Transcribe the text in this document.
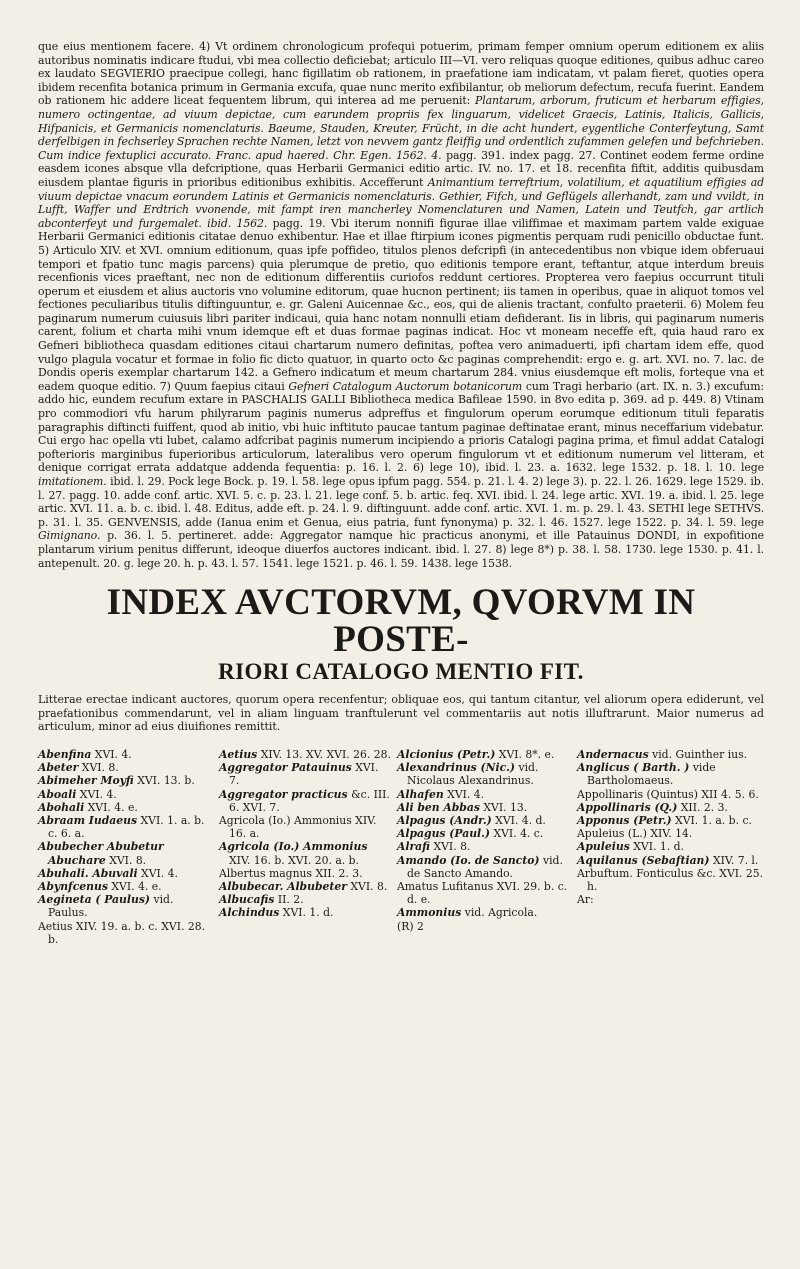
que eius mentionem facere. 4) Vt ordinem chronologicum profequi potuerim, primam femper omnium operum editionem ex aliis autoribus nominatis indicare ftudui, vbi mea collectio deficiebat; articulo III—VI. vero reliquas quoque editiones, quibus adhuc careo ex laudato SEGVIERIO praecipue collegi, hanc figillatim ob rationem, in praefatione iam indicatam, vt palam fieret, quoties opera ibidem recenfita botanica primum in Germania excufa, quae nunc merito exfibilantur, ob meliorum defectum, recufa fuerint. Eandem ob rationem hic addere liceat fequentem librum, qui interea ad me peruenit: Plantarum, arborum, fruticum et herbarum effigies, numero octingentae, ad viuum depictae, cum earundem propriis fex linguarum, videlicet Graecis, Latinis, Italicis, Gallicis, Hifpanicis, et Germanicis nomenclaturis. Baeume, Stauden, Kreuter, Frücht, in die acht hundert, eygentliche Conterfeytung, Samt derfelbigen in fechserley Sprachen rechte Namen, letzt von nevvem gantz fleiffig und ordentlich zufammen gelefen und befchrieben. Cum indice fextuplici accurato. Franc. apud haered. Chr. Egen. 1562. 4. pagg. 391. index pagg. 27. Continet eodem ferme ordine easdem icones absque vlla defcriptione, quas Herbarii Germanici editio artic. IV. no. 17. et 18. recenfita fiftit, additis quibusdam eiusdem plantae figuris in prioribus editionibus exhibitis. Accefferunt Animantium terreftrium, volatilium, et aquatilium effigies ad viuum depictae vnacum eorundem Latinis et Germanicis nomenclaturis. Gethier, Fifch, und Geflügels allerhandt, zam und vvildt, in Lufft, Waffer und Erdtrich vvonende, mit fampt iren mancherley Nomenclaturen und Namen, Latein und Teutfch, gar artlich abconterfeyt und furgemalet. ibid. 1562. pagg. 19. Vbi iterum nonnifi figurae illae viliffimae et maximam partem valde exiguae Herbarii Germanici editionis citatae denuo exhibentur. Hae et illae ftirpium icones pigmentis perquam rudi penicillo obductae funt. 5) Articulo XIV. et XVI. omnium editionum, quas ipfe poffideo, titulos plenos defcripfi (in antecedentibus non vbique idem obferuaui tempori et fpatio tunc magis parcens) quia plerumque de pretio, quo editionis tempore erant, teftantur, atque interdum breuis recenfionis vices praeftant, nec non de editionum differentiis curiofos reddunt certiores. Propterea vero faepius occurrunt tituli operum et eiusdem et alius auctoris vno volumine editorum, quae hucnon pertinent; iis tamen in operibus, quae in aliquot tomos vel fectiones peculiaribus titulis diftinguuntur, e. gr. Galeni Auicennae &c., eos, qui de alienis tractant, confulto praeterii. 6) Molem feu paginarum numerum cuiusuis libri pariter indicaui, quia hanc notam nonnulli etiam defiderant. Iis in libris, qui paginarum numeris carent, folium et charta mihi vnum idemque eft et duas formae paginas indicat. Hoc vt moneam neceffe eft, quia haud raro ex Gefneri bibliotheca quasdam editiones citaui chartarum numero definitas, poftea vero animaduerti, ipfi chartam idem effe, quod vulgo plagula vocatur et formae in folio fic dicto quatuor, in quarto octo &c paginas comprehendit: ergo e. g. art. XVI. no. 7. lac. de Dondis operis exemplar chartarum 142. a Gefnero indicatum et meum chartarum 284. vnius eiusdemque eft molis, forteque vna et eadem quoque editio. 7) Quum faepius citaui Gefneri Catalogum Auctorum botanicorum cum Tragi herbario (art. IX. n. 3.) excufum: addo hic, eundem recufum extare in PASCHALIS GALLI Bibliotheca medica Bafileae 1590. in 8vo edita p. 369. ad p. 449. 8) Vtinam pro commodiori vfu harum philyrarum paginis numerus adpreffus et fingulorum operum eorumque editionum tituli feparatis paragraphis diftincti fuiffent, quod ab initio, vbi huic inftituto paucae tantum paginae deftinatae erant, minus neceffarium videbatur. Cui ergo hac opella vti lubet, calamo adfcribat paginis numerum incipiendo a prioris Catalogi pagina prima, et fimul addat Catalogi pofterioris marginibus fuperioribus articulorum, lateralibus vero operum fingulorum vt et editionum numerum vel litteram, et denique corrigat errata addatque addenda fequentia: p. 16. l. 2. 6) lege 10), ibid. l. 23. a. 1632. lege 1532. p. 18. l. 10. lege imitationem. ibid. l. 29. Pock lege Bock. p. 19. l. 58. lege opus ipfum pagg. 554. p. 21. l. 4. 2) lege 3). p. 22. l. 26. 1629. lege 1529. ib. l. 27. pagg. 10. adde conf. artic. XVI. 5. c. p. 23. l. 21. lege conf. 5. b. artic. feq. XVI. ibid. l. 24. lege artic. XVI. 19. a. ibid. l. 25. lege artic. XVI. 11. a. b. c. ibid. l. 48. Editus, adde eft. p. 24. l. 9. diftinguunt. adde conf. artic. XVI. 1. m. p. 29. l. 43. SETHI lege SETHVS. p. 31. l. 35. GENVENSIS, adde (Ianua enim et Genua, eius patria, funt fynonyma) p. 32. l. 46. 1527. lege 1522. p. 34. l. 59. lege Gimignano. p. 36. l. 5. pertineret. adde: Aggregator namque hic practicus anonymi, et ille Patauinus DONDI, in expofitione plantarum virium penitus differunt, ideoque diuerfos auctores indicant. ibid. l. 27. 8) lege 8*) p. 38. l. 58. 1730. lege 1530. p. 41. l. antepenult. 20. g. lege 20. h. p. 43. l. 57. 1541. lege 1521. p. 46. l. 59. 1438. lege 1538.

INDEX AVCTORVM, QVORVM IN POSTE-
RIORI CATALOGO MENTIO FIT.
Litterae erectae indicant auctores, quorum opera recenfentur; obliquae eos, qui tantum citantur, vel aliorum opera ediderunt, vel praefationibus commendarunt, vel in aliam linguam tranftulerunt vel commentariis aut notis illuftrarunt. Maior numerus ad articulum, minor ad eius diuifiones remittit.

Abenfina XVI. 4.

Abeter XVI. 8.

Abimeher Moyfi XVI. 13. b.

Aboali XVI. 4.

Abohali XVI. 4. e.

Abraam Iudaeus XVI. 1. a. b. c. 6. a.

Abubecher Abubetur Abuchare XVI. 8.

Abuhali. Abuvali XVI. 4.

Abynfcenus XVI. 4. e.

Aegineta ( Paulus) vid. Paulus.

Aetius XIV. 19. a. b. c. XVI. 28. b.

Aetius XIV. 13. XV. XVI. 26. 28.

Aggregator Patauinus XVI. 7.

Aggregator practicus &c. III. 6. XVI. 7.

Agricola (Io.) Ammonius XIV. 16. a.

Agricola (Io.) Ammonius XIV. 16. b. XVI. 20. a. b.

Albertus magnus XII. 2. 3.

Albubecar. Albubeter XVI. 8.

Albucafis II. 2.

Alchindus XVI. 1. d.

Alcionius (Petr.) XVI. 8*. e.

Alexandrinus (Nic.) vid. Nicolaus Alexandrinus.

Alhafen XVI. 4.

Ali ben Abbas XVI. 13.

Alpagus (Andr.) XVI. 4. d.

Alpagus (Paul.) XVI. 4. c.

Alrafi XVI. 8.

Amando (Io. de Sancto) vid. de Sancto Amando.

Amatus Lufitanus XVI. 29. b. c. d. e.

Ammonius vid. Agricola.

(R) 2

Andernacus vid. Guinther ius.

Anglicus ( Barth. ) vide Bartholomaeus.

Appollinaris (Quintus) XII 4. 5. 6.

Appollinaris (Q.) XII. 2. 3.

Apponus (Petr.) XVI. 1. a. b. c.

Apuleius (L.) XIV. 14.

Apuleius XVI. 1. d.

Aquilanus (Sebaftian) XIV. 7. l.

Arbuftum. Fonticulus &c. XVI. 25. h.

Ar:
